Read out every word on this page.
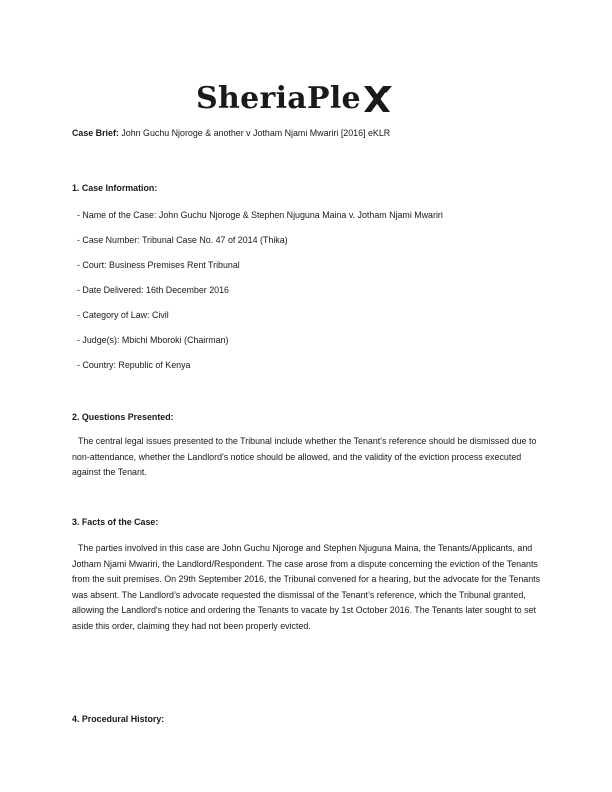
SheriaPle
Case Brief: John Guchu Njoroge & another v Jotham Njami Mwariri [2016] eKLR
1. Case Information:
- Name of the Case: John Guchu Njoroge & Stephen Njuguna Maina v. Jotham Njami Mwariri
- Case Number: Tribunal Case No. 47 of 2014 (Thika)
- Court: Business Premises Rent Tribunal
- Date Delivered: 16th December 2016
- Category of Law: Civil
- Judge(s): Mbichi Mboroki (Chairman)
- Country: Republic of Kenya
2. Questions Presented:

The central legal issues presented to the Tribunal include whether the Tenant's reference should be dismissed due to non-attendance, whether the Landlord's notice should be allowed, and the validity of the eviction process executed against the Tenant.

3. Facts of the Case:

The parties involved in this case are John Guchu Njoroge and Stephen Njuguna Maina, the Tenants/Applicants, and Jotham Njami Mwariri, the Landlord/Respondent. The case arose from a dispute concerning the eviction of the Tenants from the suit premises. On 29th September 2016, the Tribunal convened for a hearing, but the advocate for the Tenants was absent. The Landlord’s advocate requested the dismissal of the Tenant’s reference, which the Tribunal granted, allowing the Landlord's notice and ordering the Tenants to vacate by 1st October 2016. The Tenants later sought to set aside this order, claiming they had not been properly evicted.

4. Procedural History:
